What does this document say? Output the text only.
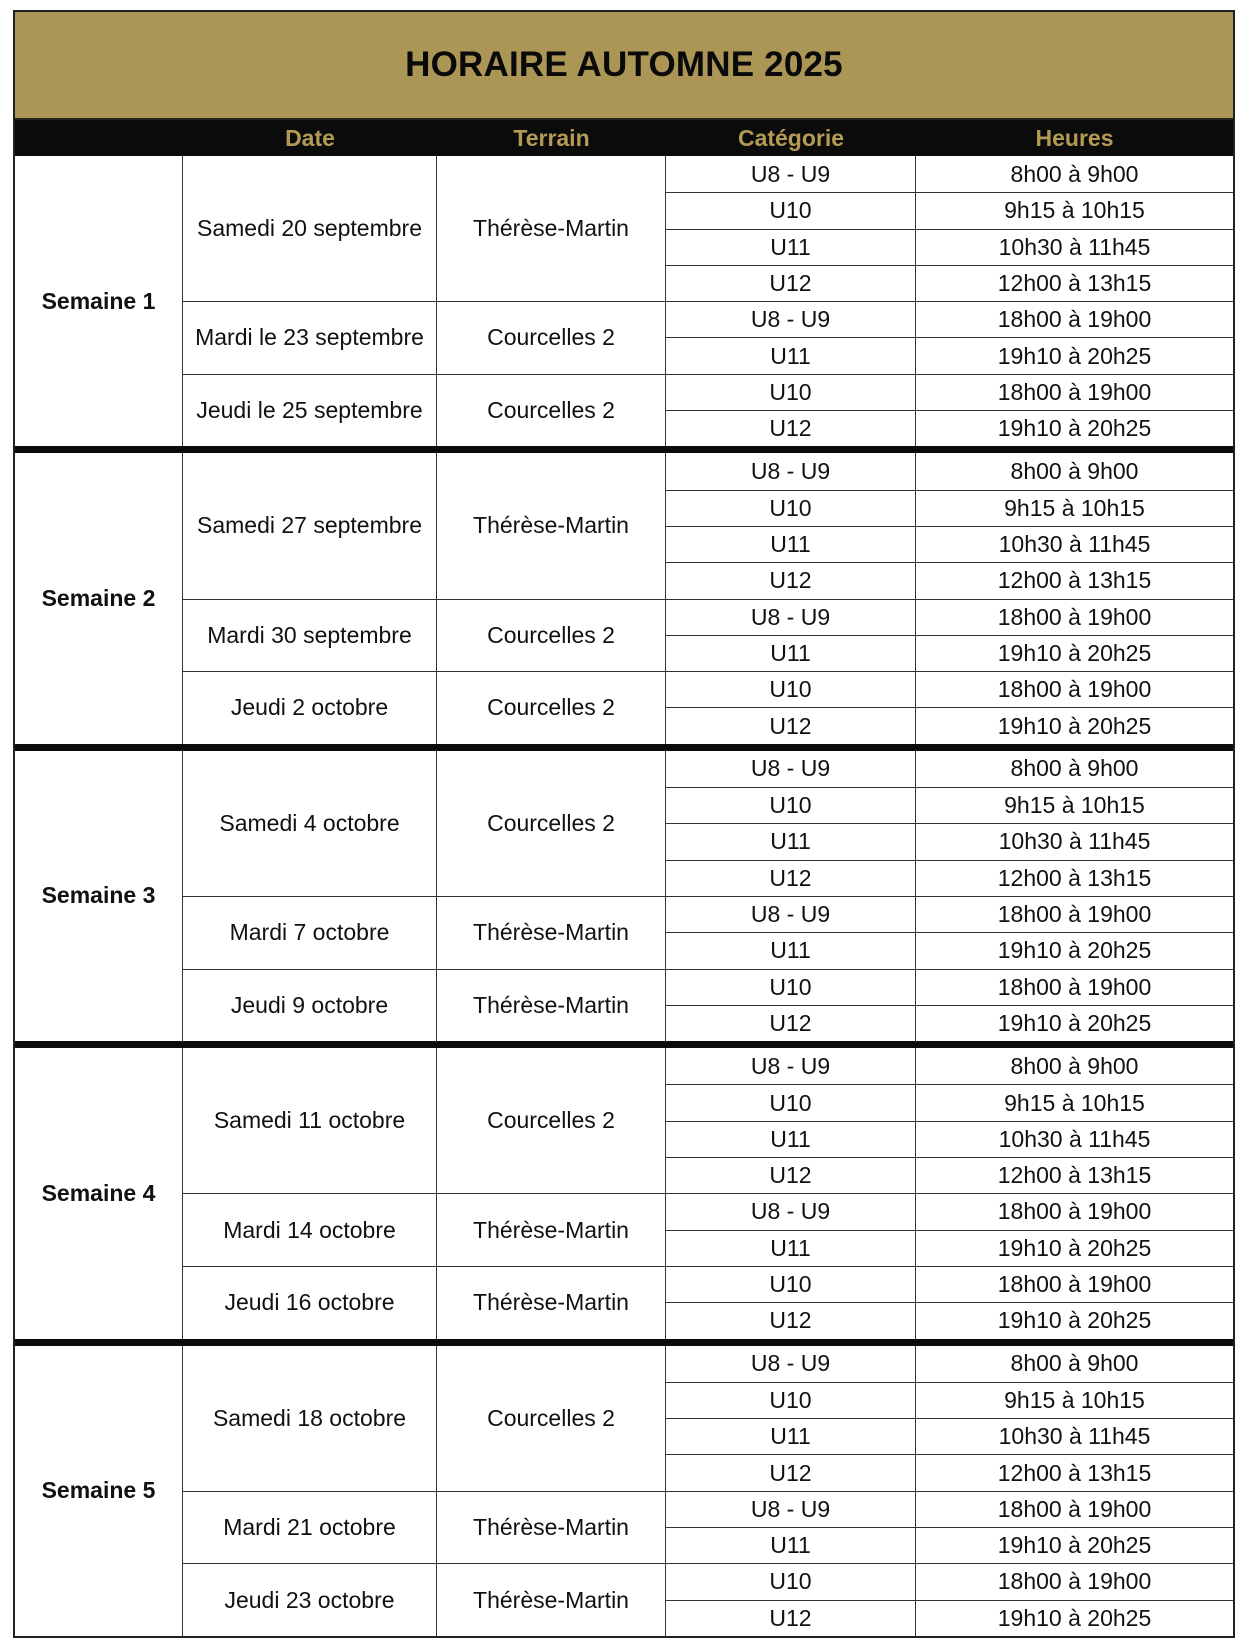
HORAIRE AUTOMNE 2025
Date	Terrain	Catégorie	Heures
Semaine 1
Samedi 20 septembre	Thérèse-Martin
U8 - U9	8h00 à 9h00
U10	9h15 à 10h15
U11	10h30 à 11h45
U12	12h00 à 13h15
Mardi le 23 septembre	Courcelles 2
U8 - U9	18h00 à 19h00
U11	19h10 à 20h25
Jeudi le 25 septembre	Courcelles 2
U10	18h00 à 19h00
U12	19h10 à 20h25
Semaine 2
Samedi 27 septembre	Thérèse-Martin
U8 - U9	8h00 à 9h00
U10	9h15 à 10h15
U11	10h30 à 11h45
U12	12h00 à 13h15
Mardi 30 septembre	Courcelles 2
U8 - U9	18h00 à 19h00
U11	19h10 à 20h25
Jeudi 2 octobre	Courcelles 2
U10	18h00 à 19h00
U12	19h10 à 20h25
Semaine 3
Samedi 4 octobre	Courcelles 2
U8 - U9	8h00 à 9h00
U10	9h15 à 10h15
U11	10h30 à 11h45
U12	12h00 à 13h15
Mardi 7 octobre	Thérèse-Martin
U8 - U9	18h00 à 19h00
U11	19h10 à 20h25
Jeudi 9 octobre	Thérèse-Martin
U10	18h00 à 19h00
U12	19h10 à 20h25
Semaine 4
Samedi 11 octobre	Courcelles 2
U8 - U9	8h00 à 9h00
U10	9h15 à 10h15
U11	10h30 à 11h45
U12	12h00 à 13h15
Mardi 14 octobre	Thérèse-Martin
U8 - U9	18h00 à 19h00
U11	19h10 à 20h25
Jeudi 16 octobre	Thérèse-Martin
U10	18h00 à 19h00
U12	19h10 à 20h25
Semaine 5
Samedi 18 octobre	Courcelles 2
U8 - U9	8h00 à 9h00
U10	9h15 à 10h15
U11	10h30 à 11h45
U12	12h00 à 13h15
Mardi 21 octobre	Thérèse-Martin
U8 - U9	18h00 à 19h00
U11	19h10 à 20h25
Jeudi 23 octobre	Thérèse-Martin
U10	18h00 à 19h00
U12	19h10 à 20h25
